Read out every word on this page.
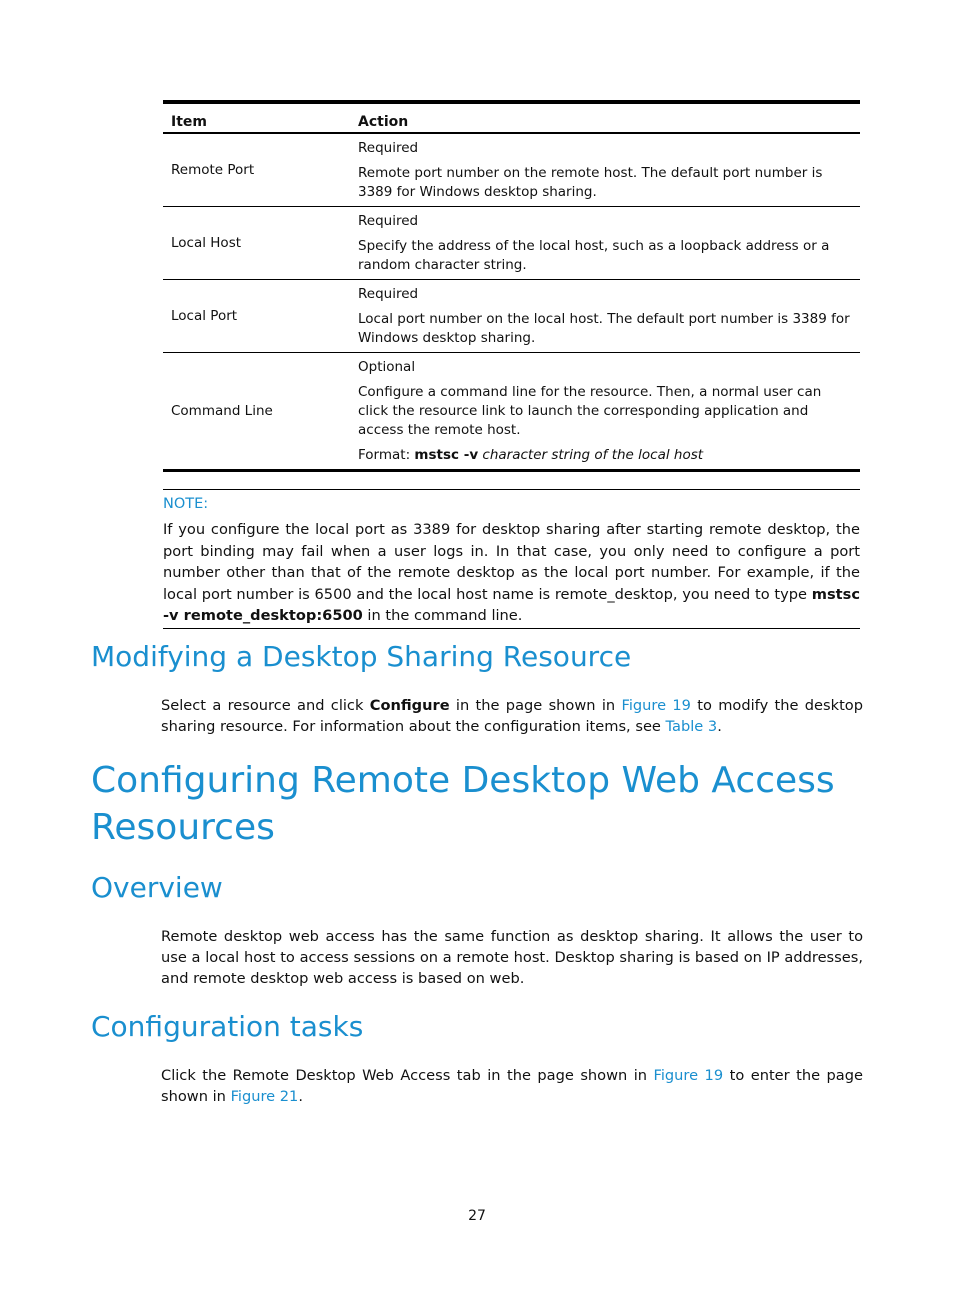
Item	Action
Remote Port	Required

Remote port number on the remote host. The default port number is 3389 for Windows desktop sharing.

Local Host	Required

Specify the address of the local host, such as a loopback address or a random character string.

Local Port	Required

Local port number on the local host. The default port number is 3389 for Windows desktop sharing.

Command Line	Optional

Configure a command line for the resource. Then, a normal user can click the resource link to launch the corresponding application and access the remote host.

Format: mstsc -v character string of the local host

NOTE:
If you configure the local port as 3389 for desktop sharing after starting remote desktop, the port binding may fail when a user logs in. In that case, you only need to configure a port number other than that of the remote desktop as the local port number. For example, if the local port number is 6500 and the local host name is remote_desktop, you need to type mstsc -v remote_desktop:6500 in the command line.
Modifying a Desktop Sharing Resource

Select a resource and click Configure in the page shown in Figure 19 to modify the desktop sharing resource. For information about the configuration items, see Table 3.

Configuring Remote Desktop Web Access
Resources
Overview

Remote desktop web access has the same function as desktop sharing. It allows the user to use a local host to access sessions on a remote host. Desktop sharing is based on IP addresses, and remote desktop web access is based on web.

Configuration tasks

Click the Remote Desktop Web Access tab in the page shown in Figure 19 to enter the page shown in Figure 21.

27
